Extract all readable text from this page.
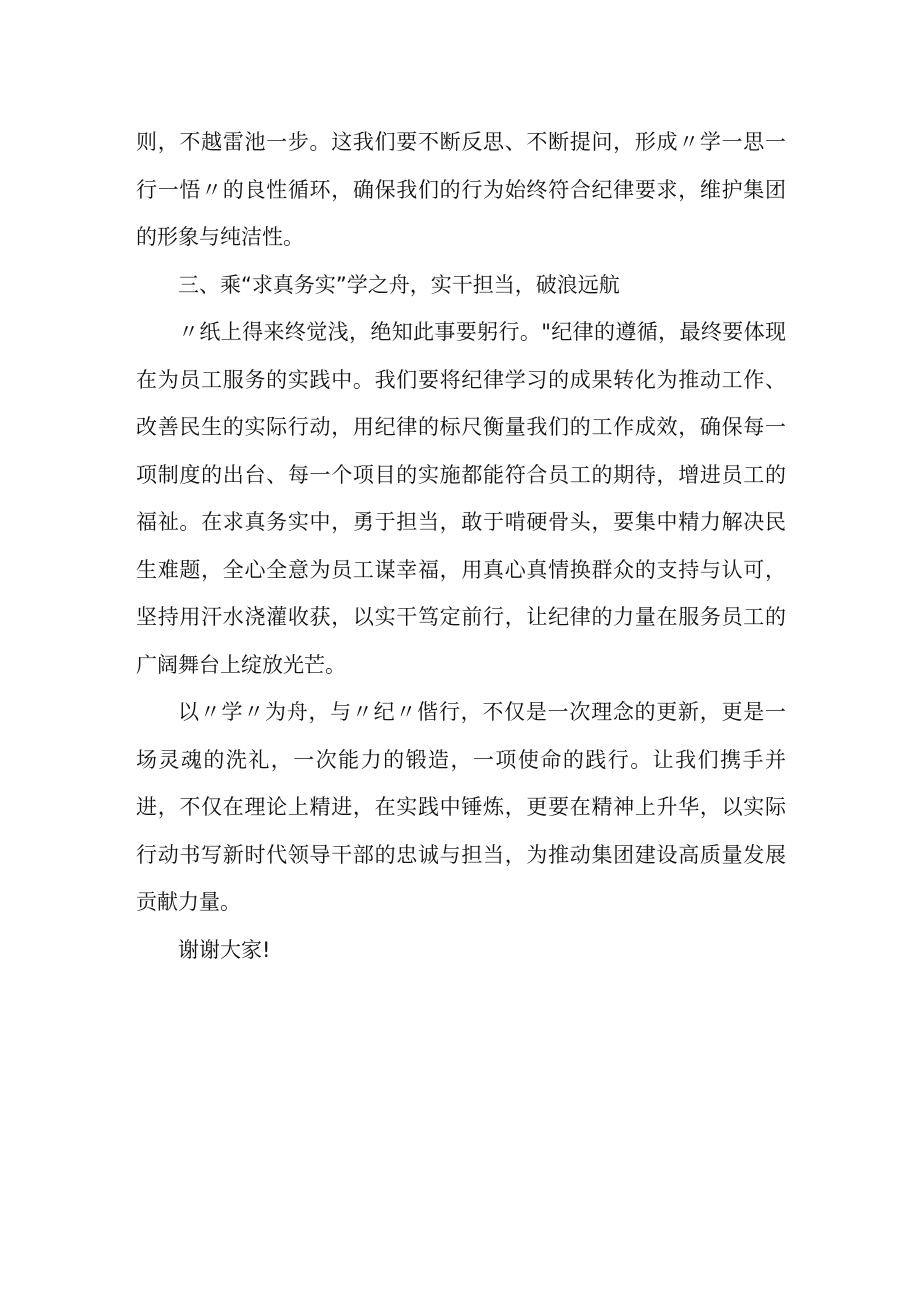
则，不越雷池一步。这我们要不断反思、不断提问，形成〃学一思一行一悟〃的良性循环，确保我们的行为始终符合纪律要求，维护集团的形象与纯洁性。

三、乘“求真务实”学之舟，实干担当，破浪远航

〃纸上得来终觉浅，绝知此事要躬行。"纪律的遵循，最终要体现在为员工服务的实践中。我们要将纪律学习的成果转化为推动工作、改善民生的实际行动，用纪律的标尺衡量我们的工作成效，确保每一项制度的出台、每一个项目的实施都能符合员工的期待，增进员工的福祉。在求真务实中，勇于担当，敢于啃硬骨头，要集中精力解决民生难题，全心全意为员工谋幸福，用真心真情换群众的支持与认可，坚持用汗水浇灌收获，以实干笃定前行，让纪律的力量在服务员工的广阔舞台上绽放光芒。

以〃学〃为舟，与〃纪〃偕行，不仅是一次理念的更新，更是一场灵魂的洗礼，一次能力的锻造，一项使命的践行。让我们携手并进，不仅在理论上精进，在实践中锤炼，更要在精神上升华，以实际行动书写新时代领导干部的忠诚与担当，为推动集团建设高质量发展贡献力量。

谢谢大家!
